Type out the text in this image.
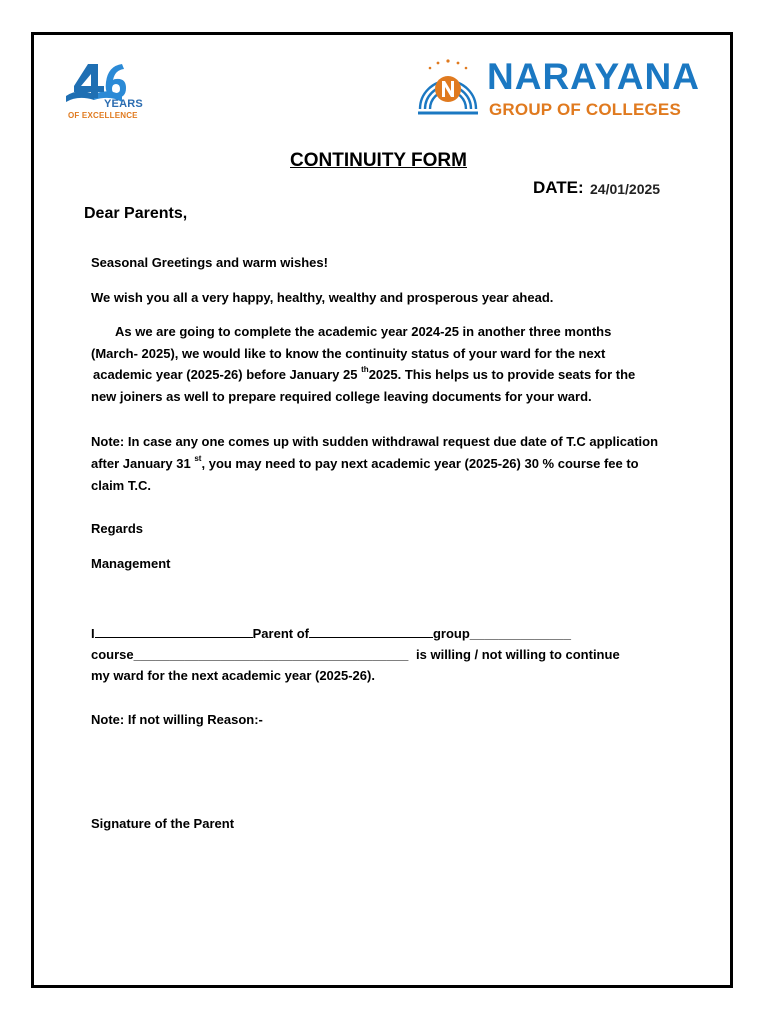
YEARS
OF EXCELLENCE
NARAYANA
GROUP OF COLLEGES
CONTINUITY FORM
DATE: 24/01/2025
Dear Parents,
Seasonal Greetings and warm wishes!
We wish you all a very happy, healthy, wealthy and prosperous year ahead.
As we are going to complete the academic year 2024-25 in another three months
(March- 2025), we would like to know the continuity status of your ward for the next
academic year (2025-26) before January 25 $^{th}$2025. This helps us to provide seats for the
new joiners as well to prepare required college leaving documents for your ward.
Note: In case any one comes up with sudden withdrawal request due date of T.C application
after January 31 $^{st}$, you may need to pay next academic year (2025-26) 30 % course fee to
claim T.C.
Regards
Management
I	Parent of	group______________
course______________________________________ is willing / not willing to continue
my ward for the next academic year (2025-26).
Note: If not willing Reason:-
Signature of the Parent
